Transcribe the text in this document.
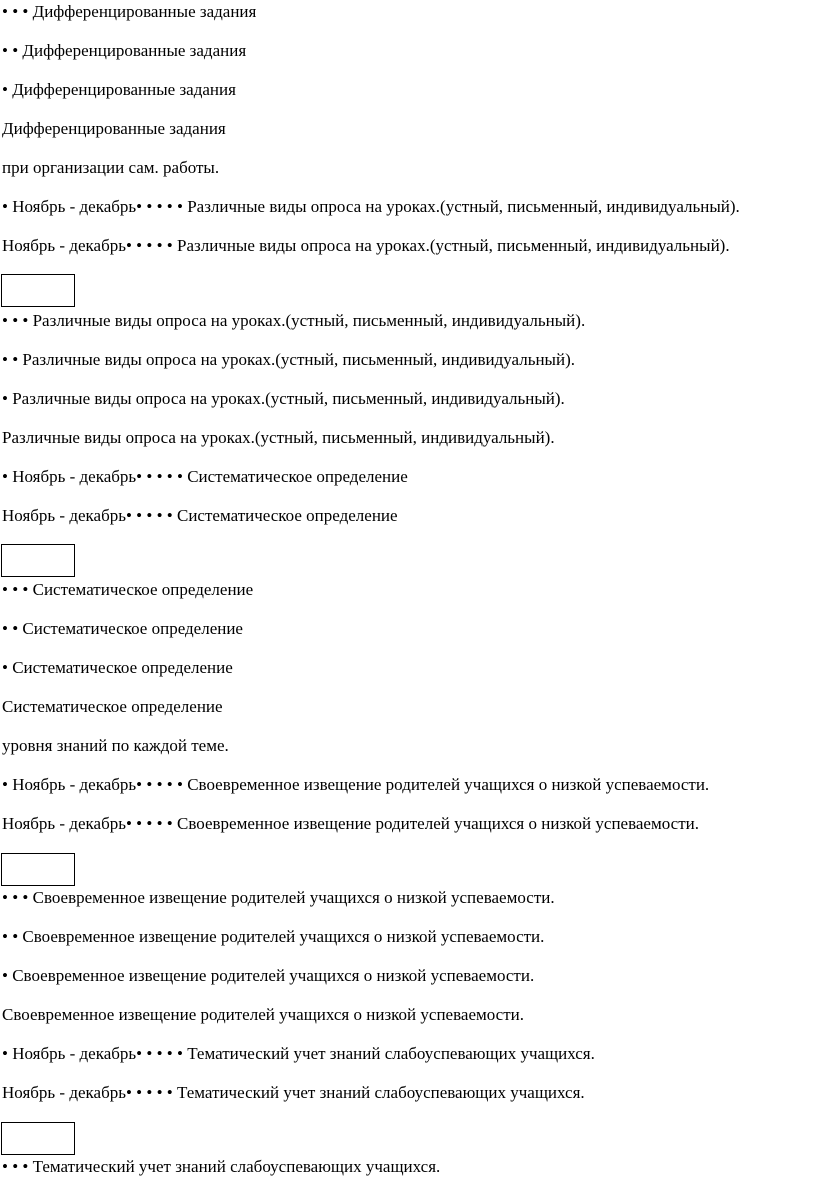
• • • Дифференцированные задания
• • Дифференцированные задания
• Дифференцированные задания
Дифференцированные задания
при организации сам. работы.
• Ноябрь - декабрь• • • • • Различные виды опроса на уроках.(устный, письменный, индивидуальный).
Ноябрь - декабрь• • • • • Различные виды опроса на уроках.(устный, письменный, индивидуальный).
• • • Различные виды опроса на уроках.(устный, письменный, индивидуальный).
• • Различные виды опроса на уроках.(устный, письменный, индивидуальный).
• Различные виды опроса на уроках.(устный, письменный, индивидуальный).
Различные виды опроса на уроках.(устный, письменный, индивидуальный).
• Ноябрь - декабрь• • • • • Систематическое определение
Ноябрь - декабрь• • • • • Систематическое определение
• • • Систематическое определение
• • Систематическое определение
• Систематическое определение
Систематическое определение
уровня знаний по каждой теме.
• Ноябрь - декабрь• • • • • Своевременное извещение родителей учащихся о низкой успеваемости.
Ноябрь - декабрь• • • • • Своевременное извещение родителей учащихся о низкой успеваемости.
• • • Своевременное извещение родителей учащихся о низкой успеваемости.
• • Своевременное извещение родителей учащихся о низкой успеваемости.
• Своевременное извещение родителей учащихся о низкой успеваемости.
Своевременное извещение родителей учащихся о низкой успеваемости.
• Ноябрь - декабрь• • • • • Тематический учет знаний слабоуспевающих учащихся.
Ноябрь - декабрь• • • • • Тематический учет знаний слабоуспевающих учащихся.
• • • Тематический учет знаний слабоуспевающих учащихся.
